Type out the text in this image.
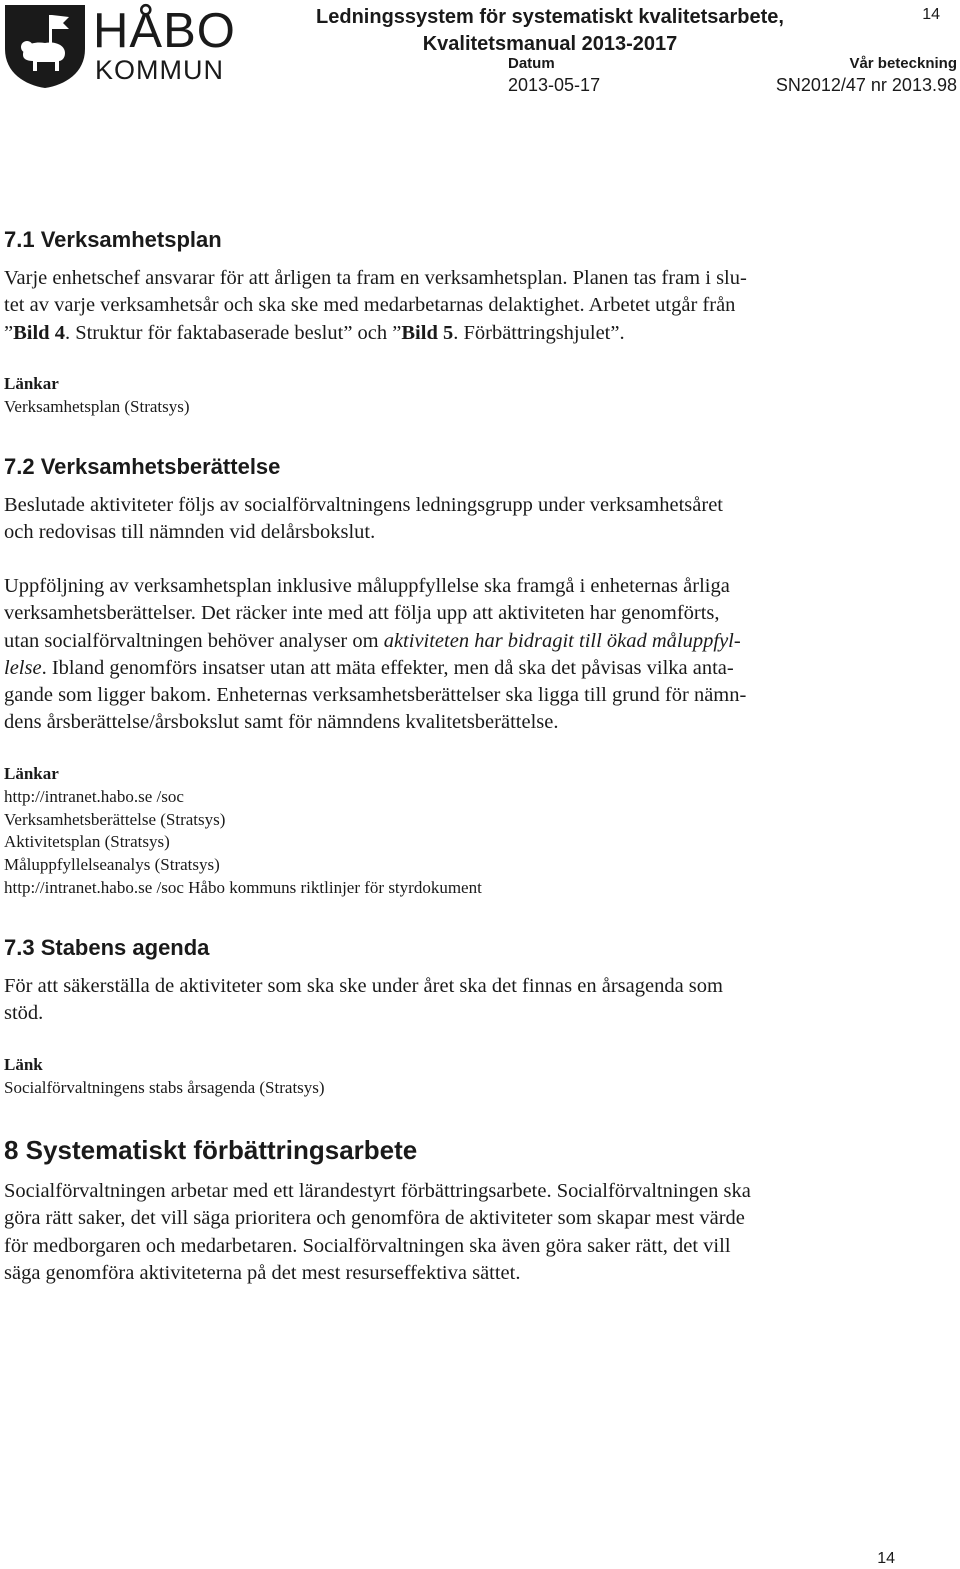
HÅBO
KOMMUN
Ledningssystem för systematiskt kvalitetsarbete,
Kvalitetsmanual 2013-2017
14
Datum
2013-05-17
Vår beteckning
SN2012/47 nr 2013.98
7.1 Verksamhetsplan
Varje enhetschef ansvarar för att årligen ta fram en verksamhetsplan. Planen tas fram i slu-
tet av varje verksamhetsår och ska ske med medarbetarnas delaktighet. Arbetet utgår från
”Bild 4. Struktur för faktabaserade beslut” och ”Bild 5. Förbättringshjulet”.
Länkar
Verksamhetsplan (Stratsys)
7.2 Verksamhetsberättelse
Beslutade aktiviteter följs av socialförvaltningens ledningsgrupp under verksamhetsåret
och redovisas till nämnden vid delårsbokslut.
Uppföljning av verksamhetsplan inklusive måluppfyllelse ska framgå i enheternas årliga
verksamhetsberättelser. Det räcker inte med att följa upp att aktiviteten har genomförts,
utan socialförvaltningen behöver analyser om aktiviteten har bidragit till ökad måluppfyl-
lelse. Ibland genomförs insatser utan att mäta effekter, men då ska det påvisas vilka anta-
gande som ligger bakom. Enheternas verksamhetsberättelser ska ligga till grund för nämn-
dens årsberättelse/årsbokslut samt för nämndens kvalitetsberättelse.
Länkar
http://intranet.habo.se /soc
Verksamhetsberättelse (Stratsys)
Aktivitetsplan (Stratsys)
Måluppfyllelseanalys (Stratsys)
http://intranet.habo.se /soc Håbo kommuns riktlinjer för styrdokument
7.3 Stabens agenda
För att säkerställa de aktiviteter som ska ske under året ska det finnas en årsagenda som
stöd.
Länk
Socialförvaltningens stabs årsagenda (Stratsys)
8 Systematiskt förbättringsarbete
Socialförvaltningen arbetar med ett lärandestyrt förbättringsarbete. Socialförvaltningen ska
göra rätt saker, det vill säga prioritera och genomföra de aktiviteter som skapar mest värde
för medborgaren och medarbetaren. Socialförvaltningen ska även göra saker rätt, det vill
säga genomföra aktiviteterna på det mest resurseffektiva sättet.
14
